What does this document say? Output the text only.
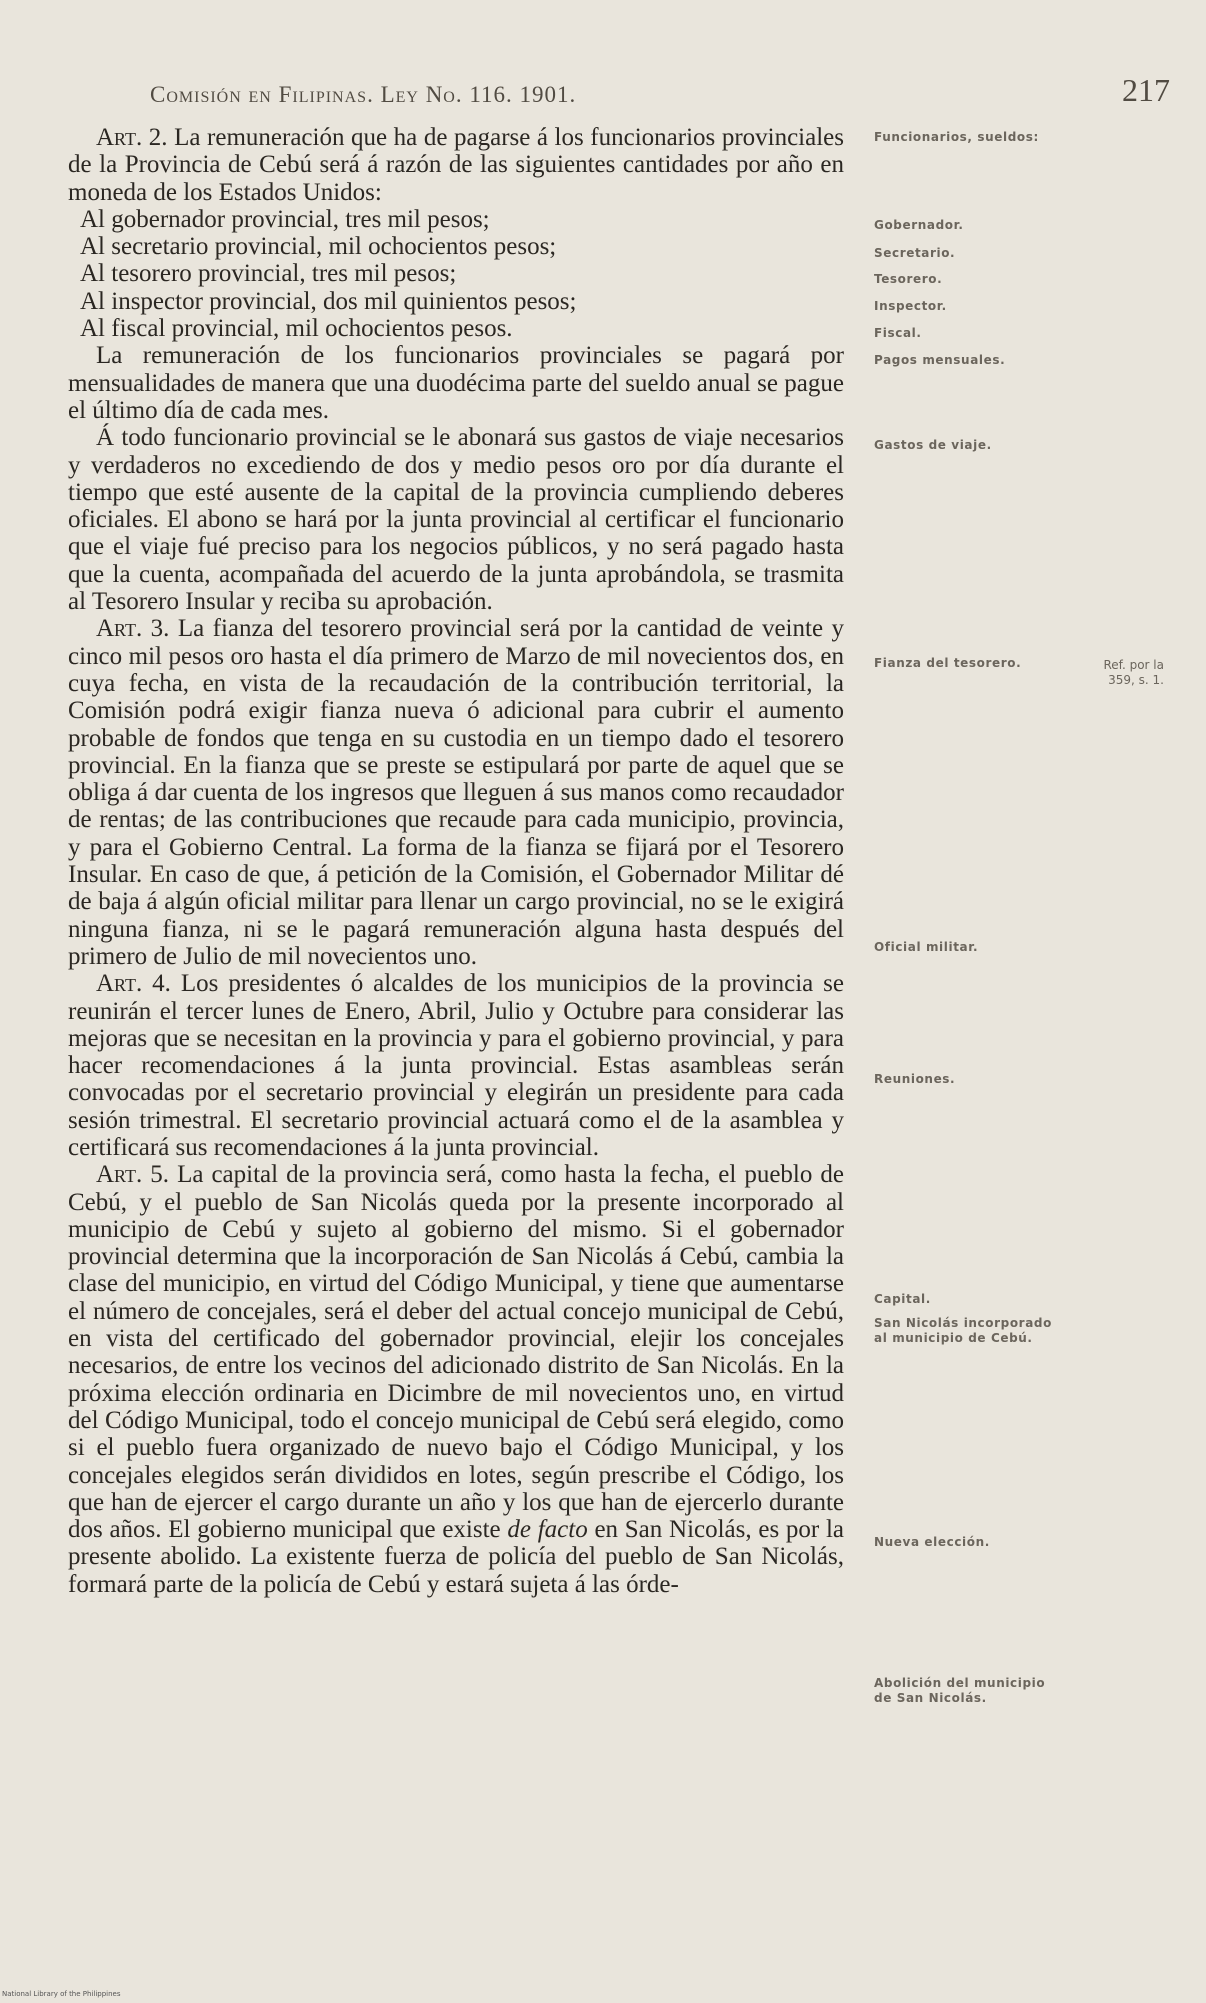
Comisión en Filipinas. Ley No. 116. 1901.	217

Art. 2. La remuneración que ha de pagarse á los funcionarios provinciales de la Provincia de Cebú será á razón de las siguientes cantidades por año en moneda de los Estados Unidos:

Al gobernador provincial, tres mil pesos;

Al secretario provincial, mil ochocientos pesos;

Al tesorero provincial, tres mil pesos;

Al inspector provincial, dos mil quinientos pesos;

Al fiscal provincial, mil ochocientos pesos.

La remuneración de los funcionarios provinciales se pagará por mensualidades de manera que una duodécima parte del sueldo anual se pague el último día de cada mes.

Á todo funcionario provincial se le abonará sus gastos de viaje necesarios y verdaderos no excediendo de dos y medio pesos oro por día durante el tiempo que esté ausente de la capital de la provincia cumpliendo deberes oficiales. El abono se hará por la junta provincial al certificar el funcionario que el viaje fué preciso para los negocios públicos, y no será pagado hasta que la cuenta, acompañada del acuerdo de la junta aprobándola, se trasmita al Tesorero Insular y reciba su aprobación.

Art. 3. La fianza del tesorero provincial será por la cantidad de veinte y cinco mil pesos oro hasta el día primero de Marzo de mil novecientos dos, en cuya fecha, en vista de la recaudación de la contribución territorial, la Comisión podrá exigir fianza nueva ó adicional para cubrir el aumento probable de fondos que tenga en su custodia en un tiempo dado el tesorero provincial. En la fianza que se preste se estipulará por parte de aquel que se obliga á dar cuenta de los ingresos que lleguen á sus manos como recaudador de rentas; de las contribuciones que recaude para cada municipio, provincia, y para el Gobierno Central. La forma de la fianza se fijará por el Tesorero Insular. En caso de que, á petición de la Comisión, el Gobernador Militar dé de baja á algún oficial militar para llenar un cargo provincial, no se le exigirá ninguna fianza, ni se le pagará remuneración alguna hasta después del primero de Julio de mil novecientos uno.

Art. 4. Los presidentes ó alcaldes de los municipios de la provincia se reunirán el tercer lunes de Enero, Abril, Julio y Octubre para considerar las mejoras que se necesitan en la provincia y para el gobierno provincial, y para hacer recomendaciones á la junta provincial. Estas asambleas serán convocadas por el secretario provincial y elegirán un presidente para cada sesión trimestral. El secretario provincial actuará como el de la asamblea y certificará sus recomendaciones á la junta provincial.

Art. 5. La capital de la provincia será, como hasta la fecha, el pueblo de Cebú, y el pueblo de San Nicolás queda por la presente incorporado al municipio de Cebú y sujeto al gobierno del mismo. Si el gobernador provincial determina que la incorporación de San Nicolás á Cebú, cambia la clase del municipio, en virtud del Código Municipal, y tiene que aumentarse el número de concejales, será el deber del actual concejo municipal de Cebú, en vista del certificado del gobernador provincial, elejir los concejales necesarios, de entre los vecinos del adicionado distrito de San Nicolás. En la próxima elección ordinaria en Dicimbre de mil novecientos uno, en virtud del Código Municipal, todo el concejo municipal de Cebú será elegido, como si el pueblo fuera organizado de nuevo bajo el Código Municipal, y los concejales elegidos serán divididos en lotes, según prescribe el Código, los que han de ejercer el cargo durante un año y los que han de ejercerlo durante dos años. El gobierno municipal que existe de facto en San Nicolás, es por la presente abolido. La existente fuerza de policía del pueblo de San Nicolás, formará parte de la policía de Cebú y estará sujeta á las órde-

Funcionarios, sueldos:
Gobernador.
Secretario.
Tesorero.
Inspector.
Fiscal.
Pagos mensuales.
Gastos de viaje.
Fianza del tesorero.	Ref. por la 359, s. 1.
Oficial militar.
Reuniones.
Capital.
San Nicolás incorporado al municipio de Cebú.
Nueva elección.
Abolición del municipio de San Nicolás.
National Library of the Philippines
